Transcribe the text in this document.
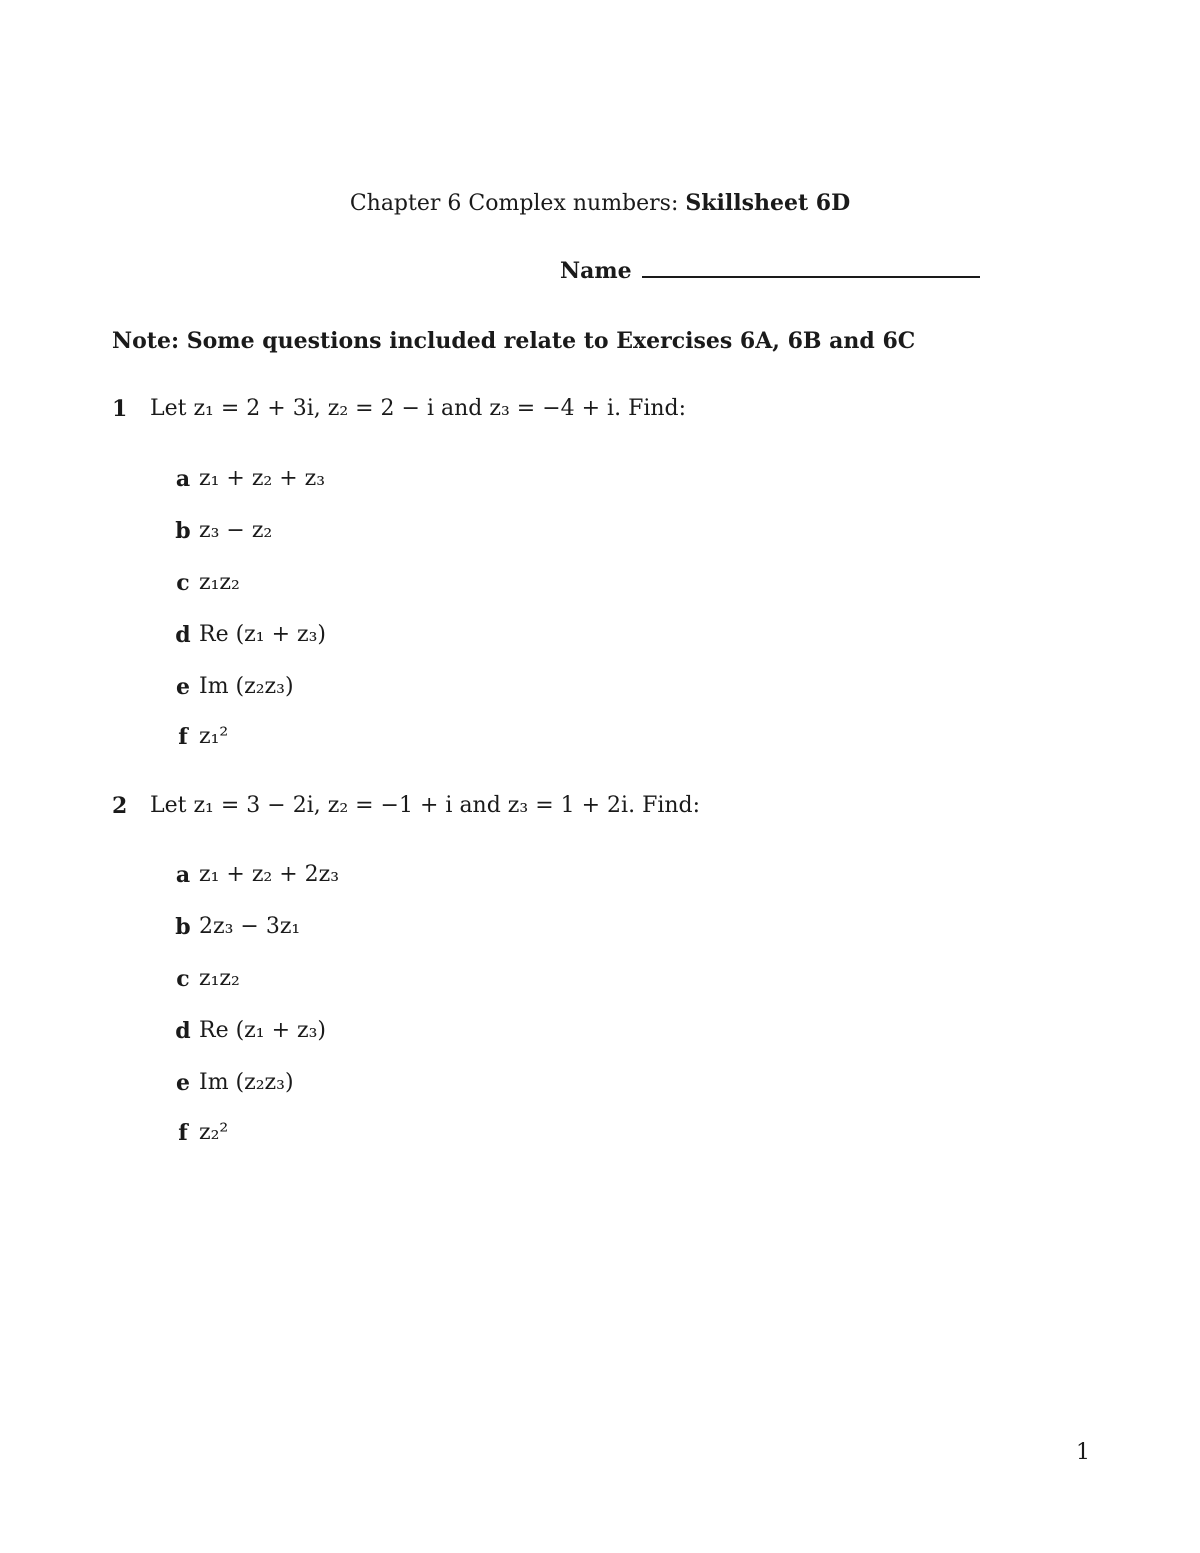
Chapter 6 Complex numbers: Skillsheet 6D
Name
Note: Some questions included relate to Exercises 6A, 6B and 6C
1 Let z₁ = 2 + 3i, z₂ = 2 − i and z₃ = −4 + i. Find:
a z₁ + z₂ + z₃
b z₃ − z₂
c z₁z₂
d Re (z₁ + z₃)
e Im (z₂z₃)
f z₁²
2 Let z₁ = 3 − 2i, z₂ = −1 + i and z₃ = 1 + 2i. Find:
a z₁ + z₂ + 2z₃
b 2z₃ − 3z₁
c z₁z₂
d Re (z₁ + z₃)
e Im (z₂z₃)
f z₂²
1
